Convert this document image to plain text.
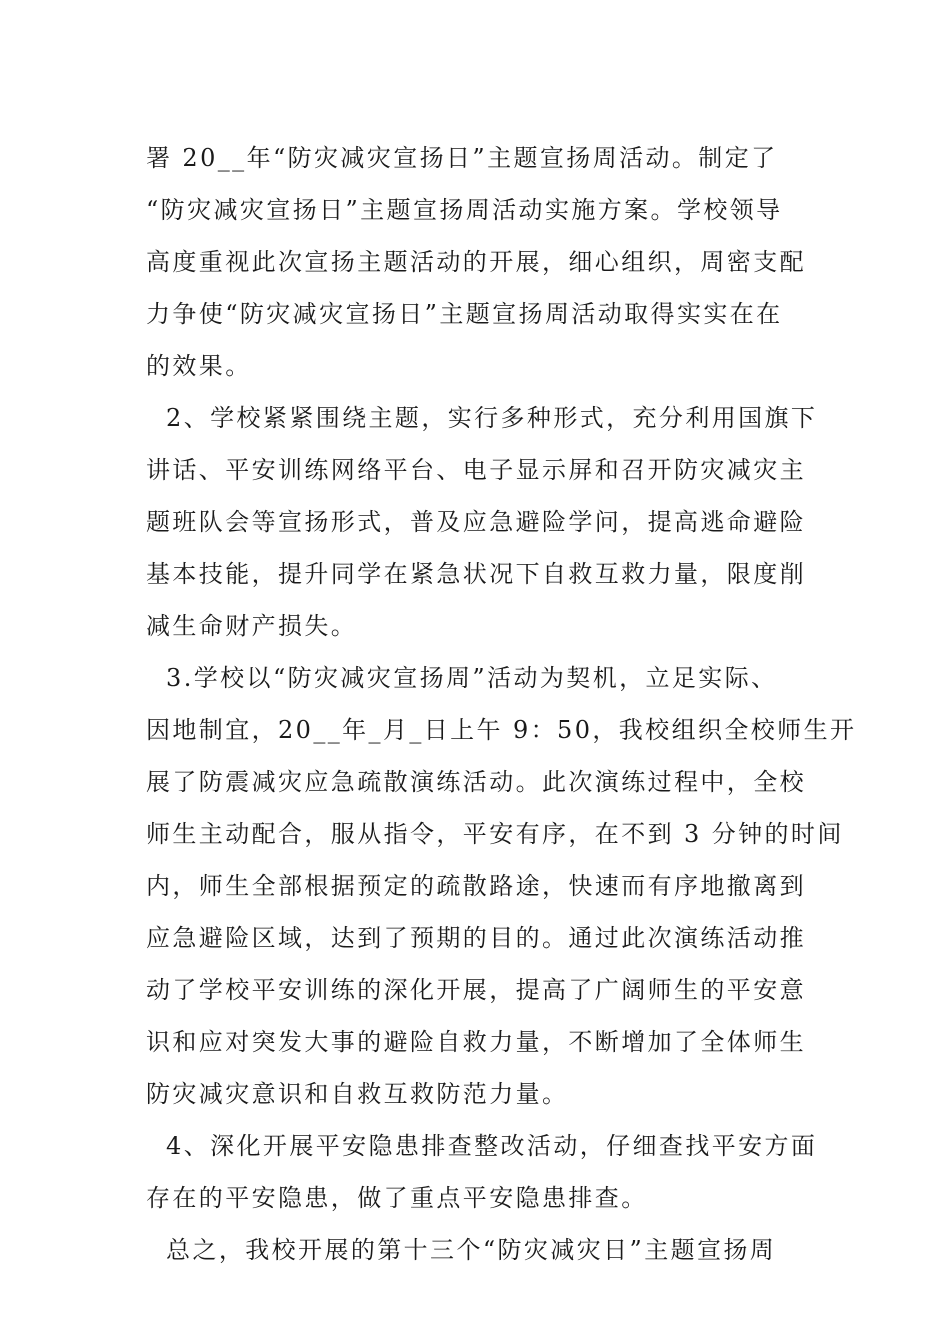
署 20__年“防灾减灾宣扬日”主题宣扬周活动。制定了
“防灾减灾宣扬日”主题宣扬周活动实施方案。学校领导
高度重视此次宣扬主题活动的开展，细心组织，周密支配
力争使“防灾减灾宣扬日”主题宣扬周活动取得实实在在
的效果。
2、学校紧紧围绕主题，实行多种形式，充分利用国旗下
讲话、平安训练网络平台、电子显示屏和召开防灾减灾主
题班队会等宣扬形式，普及应急避险学问，提高逃命避险
基本技能，提升同学在紧急状况下自救互救力量，限度削
减生命财产损失。
3.学校以“防灾减灾宣扬周”活动为契机，立足实际、
因地制宜，20__年_月_日上午 9：50，我校组织全校师生开
展了防震减灾应急疏散演练活动。此次演练过程中，全校
师生主动配合，服从指令，平安有序，在不到 3 分钟的时间
内，师生全部根据预定的疏散路途，快速而有序地撤离到
应急避险区域，达到了预期的目的。通过此次演练活动推
动了学校平安训练的深化开展，提高了广阔师生的平安意
识和应对突发大事的避险自救力量，不断增加了全体师生
防灾减灾意识和自救互救防范力量。
4、深化开展平安隐患排查整改活动，仔细查找平安方面
存在的平安隐患，做了重点平安隐患排查。
总之，我校开展的第十三个“防灾减灾日”主题宣扬周
